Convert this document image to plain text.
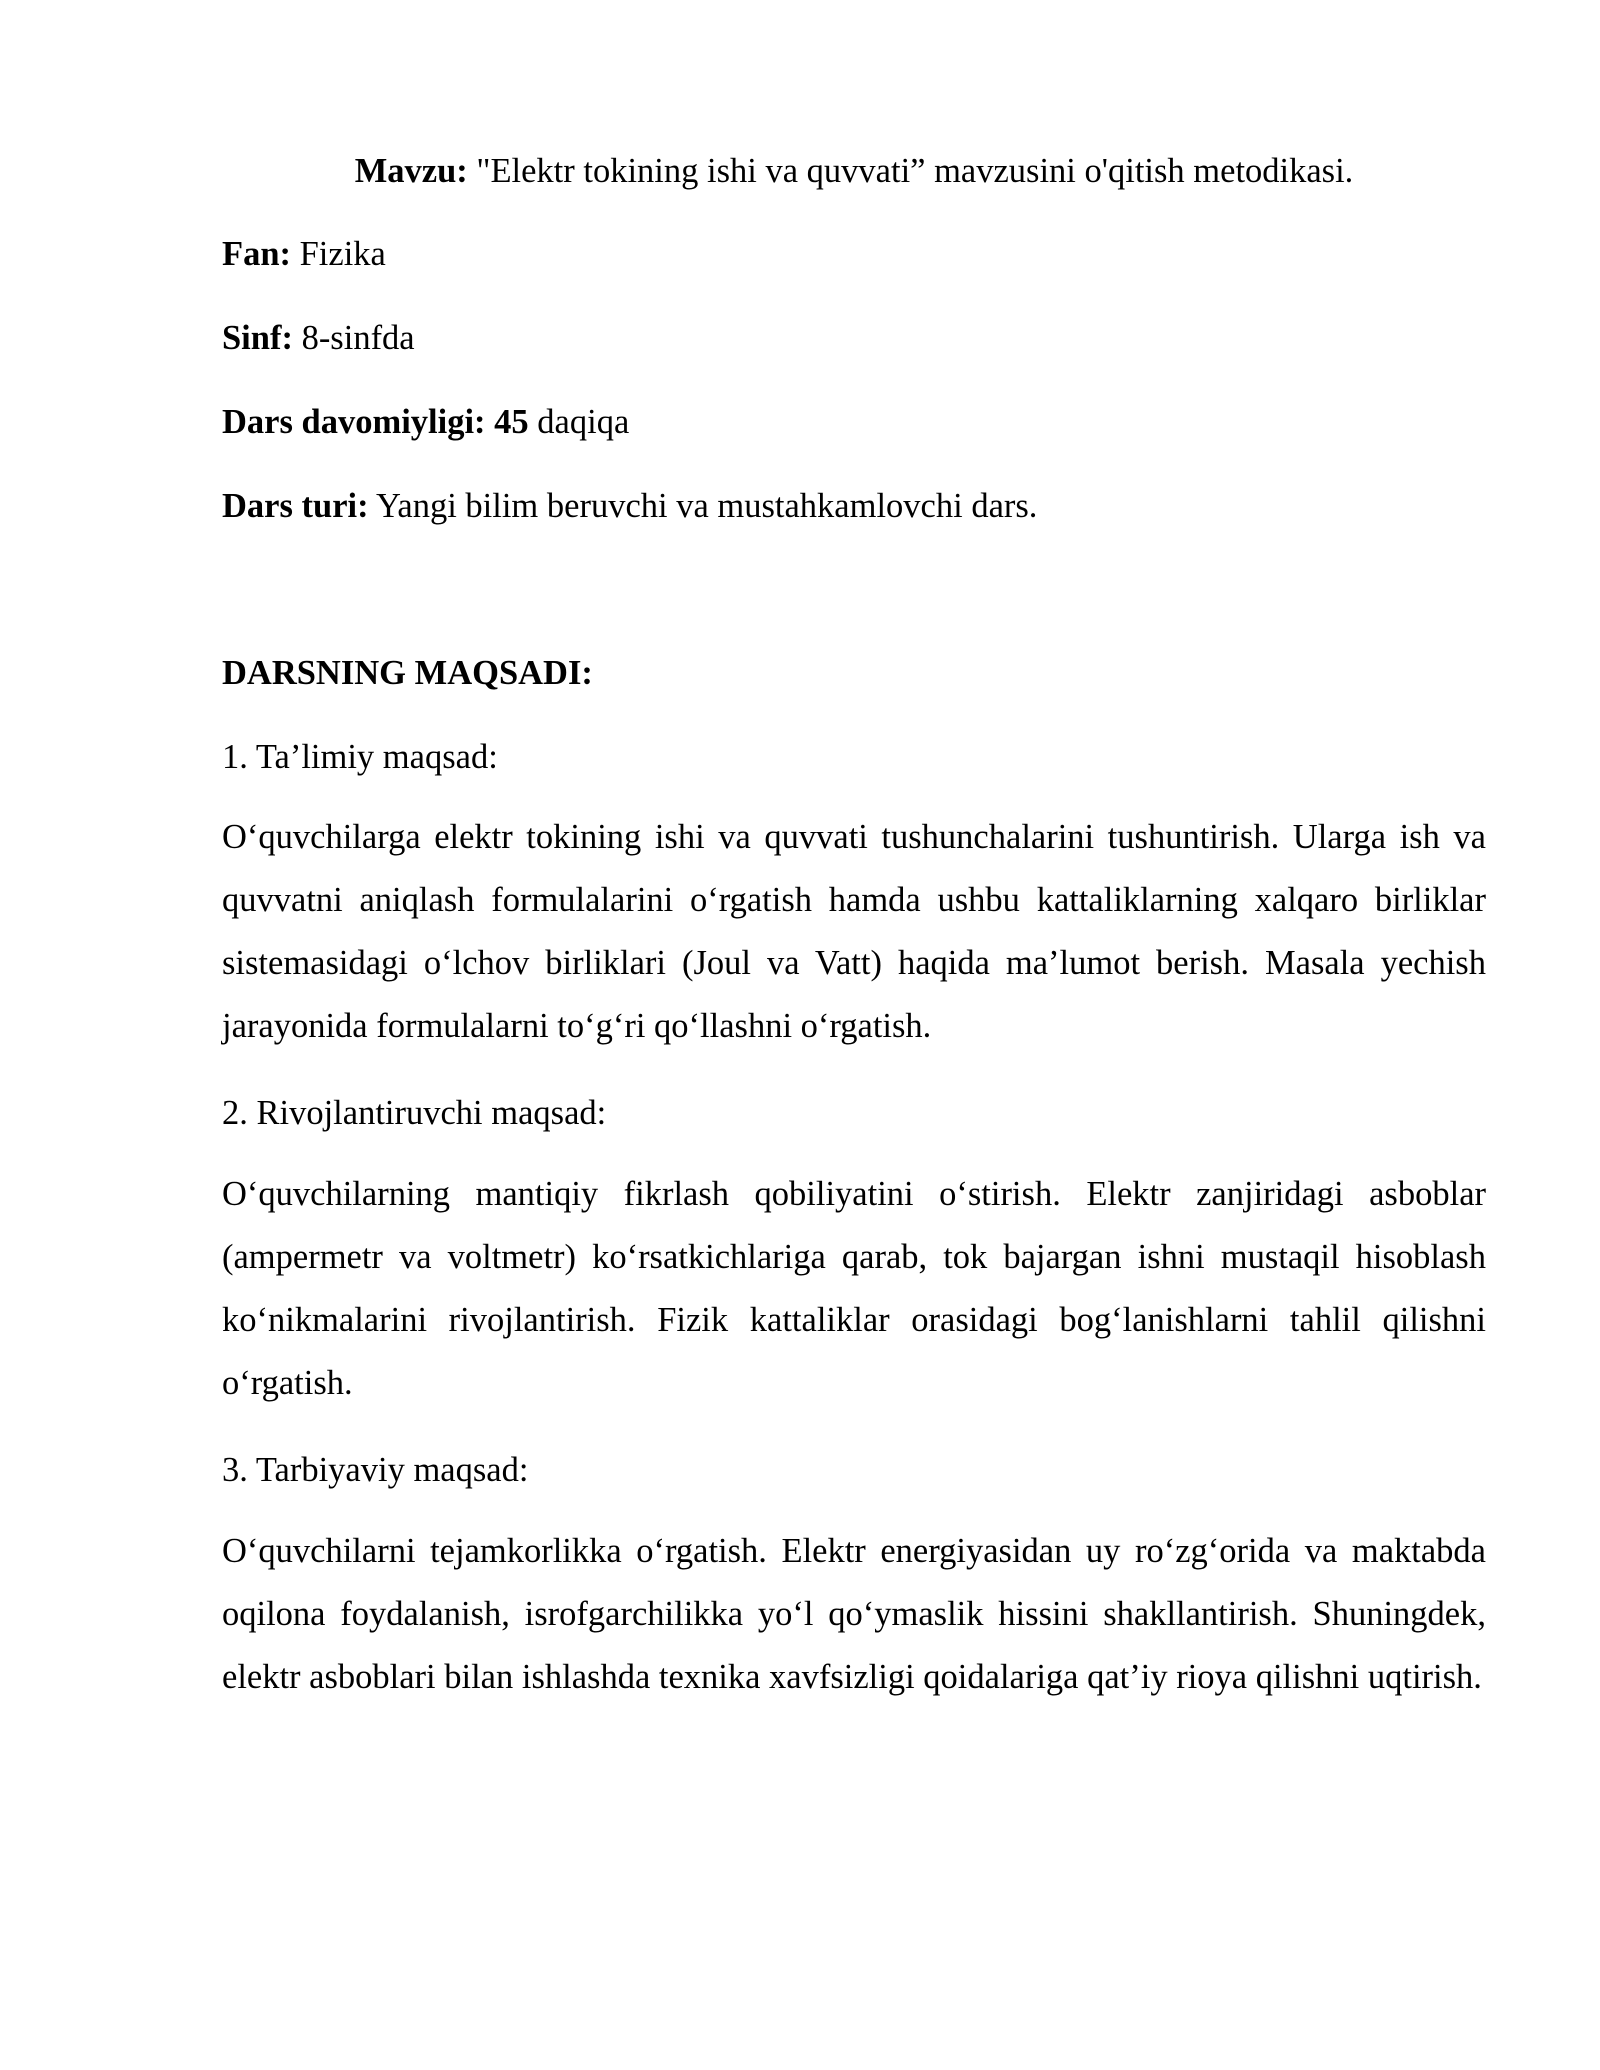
Mavzu: "Elektr tokining ishi va quvvati” mavzusini o'qitish metodikasi.
Fan: Fizika
Sinf: 8-sinfda
Dars davomiyligi: 45 daqiqa
Dars turi: Yangi bilim beruvchi va mustahkamlovchi dars.
DARSNING MAQSADI:
1. Ta’limiy maqsad:

O‘quvchilarga elektr tokining ishi va quvvati tushunchalarini tushuntirish. Ularga ish va quvvatni aniqlash formulalarini o‘rgatish hamda ushbu kattaliklarning xalqaro birliklar sistemasidagi o‘lchov birliklari (Joul va Vatt) haqida ma’lumot berish. Masala yechish jarayonida formulalarni to‘g‘ri qo‘llashni o‘rgatish.

2. Rivojlantiruvchi maqsad:

O‘quvchilarning mantiqiy fikrlash qobiliyatini o‘stirish. Elektr zanjiridagi asboblar (ampermetr va voltmetr) ko‘rsatkichlariga qarab, tok bajargan ishni mustaqil hisoblash ko‘nikmalarini rivojlantirish. Fizik kattaliklar orasidagi bog‘lanishlarni tahlil qilishni o‘rgatish.

3. Tarbiyaviy maqsad:

O‘quvchilarni tejamkorlikka o‘rgatish. Elektr energiyasidan uy ro‘zg‘orida va maktabda oqilona foydalanish, isrofgarchilikka yo‘l qo‘ymaslik hissini shakllantirish. Shuningdek, elektr asboblari bilan ishlashda texnika xavfsizligi qoidalariga qat’iy rioya qilishni uqtirish.
